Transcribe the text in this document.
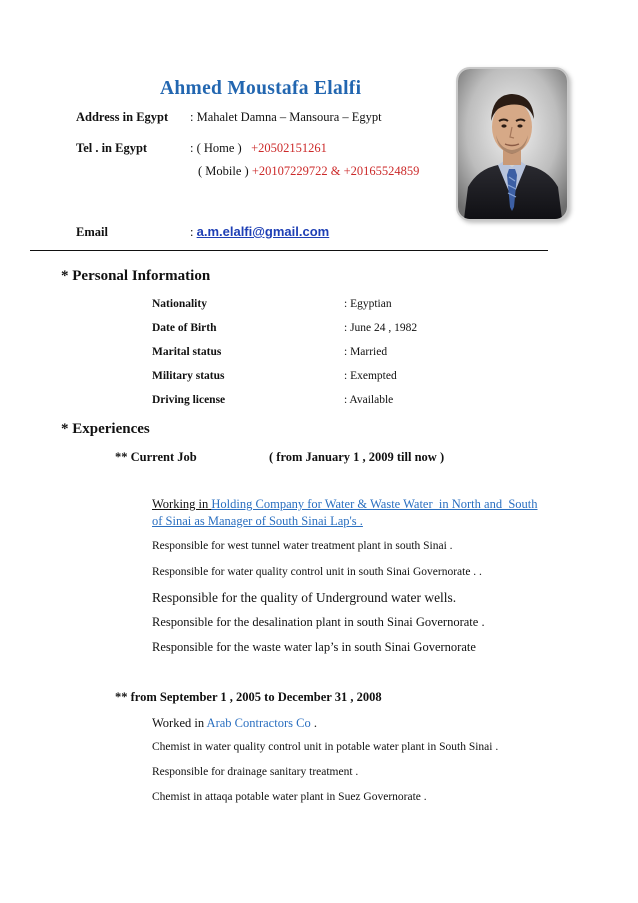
Ahmed Moustafa Elalfi
Address in Egypt : Mahalet Damna – Mansoura – Egypt
Tel . in Egypt	: ( Home )   +20502151261
( Mobile ) +20107229722 & +20165524859
Email	: a.m.elalfi@gmail.com
* Personal Information
Nationality	: Egyptian
Date of Birth	: June 24 , 1982
Marital status	: Married
Military status	: Exempted
Driving license	: Available
* Experiences
** Current Job	( from January 1 , 2009 till now )
Working in Holding Company for Water & Waste Water  in North and  South
of Sinai as Manager of South Sinai Lap's .
Responsible for west tunnel water treatment plant in south Sinai .
Responsible for water quality control unit in south Sinai Governorate . .
Responsible for the quality of Underground water wells.
Responsible for the desalination plant in south Sinai Governorate .
Responsible for the waste water lap’s in south Sinai Governorate
** from September 1 , 2005 to December 31 , 2008
Worked in Arab Contractors Co .
Chemist in water quality control unit in potable water plant in South Sinai .
Responsible for drainage sanitary treatment .
Chemist in attaqa potable water plant in Suez Governorate .
